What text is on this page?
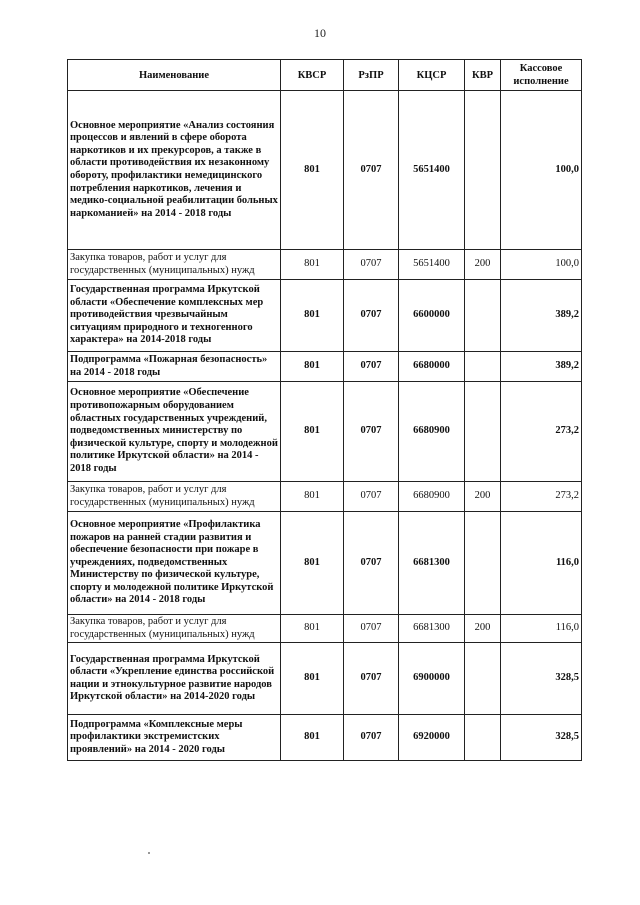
10
Наименование	КВСР	РзПР	КЦСР	КВР	Кассовое исполнение
Основное мероприятие «Анализ состояния процессов и явлений в сфере оборота наркотиков и их прекурсоров, а также в области противодействия их незаконному обороту, профилактики немедицинского потребления наркотиков, лечения и медико-социальной реабилитации больных наркоманией» на 2014 - 2018 годы	801	0707	5651400		100,0
Закупка товаров, работ и услуг для государственных (муниципальных) нужд	801	0707	5651400	200	100,0
Государственная программа Иркутской области «Обеспечение комплексных мер противодействия чрезвычайным ситуациям природного и техногенного характера» на 2014-2018 годы	801	0707	6600000		389,2
Подпрограмма «Пожарная безопасность» на 2014 - 2018 годы	801	0707	6680000		389,2
Основное мероприятие «Обеспечение противопожарным оборудованием областных государственных учреждений, подведомственных министерству по физической культуре, спорту и молодежной политике Иркутской области» на 2014 - 2018 годы	801	0707	6680900		273,2
Закупка товаров, работ и услуг для государственных (муниципальных) нужд	801	0707	6680900	200	273,2
Основное мероприятие «Профилактика пожаров на ранней стадии развития и обеспечение безопасности при пожаре в учреждениях, подведомственных Министерству по физической культуре, спорту и молодежной политике Иркутской области» на 2014 - 2018 годы	801	0707	6681300		116,0
Закупка товаров, работ и услуг для государственных (муниципальных) нужд	801	0707	6681300	200	116,0
Государственная программа Иркутской области «Укрепление единства российской нации и этнокультурное развитие народов Иркутской области» на 2014-2020 годы	801	0707	6900000		328,5
Подпрограмма «Комплексные меры профилактики экстремистских проявлений» на 2014 - 2020 годы	801	0707	6920000		328,5
